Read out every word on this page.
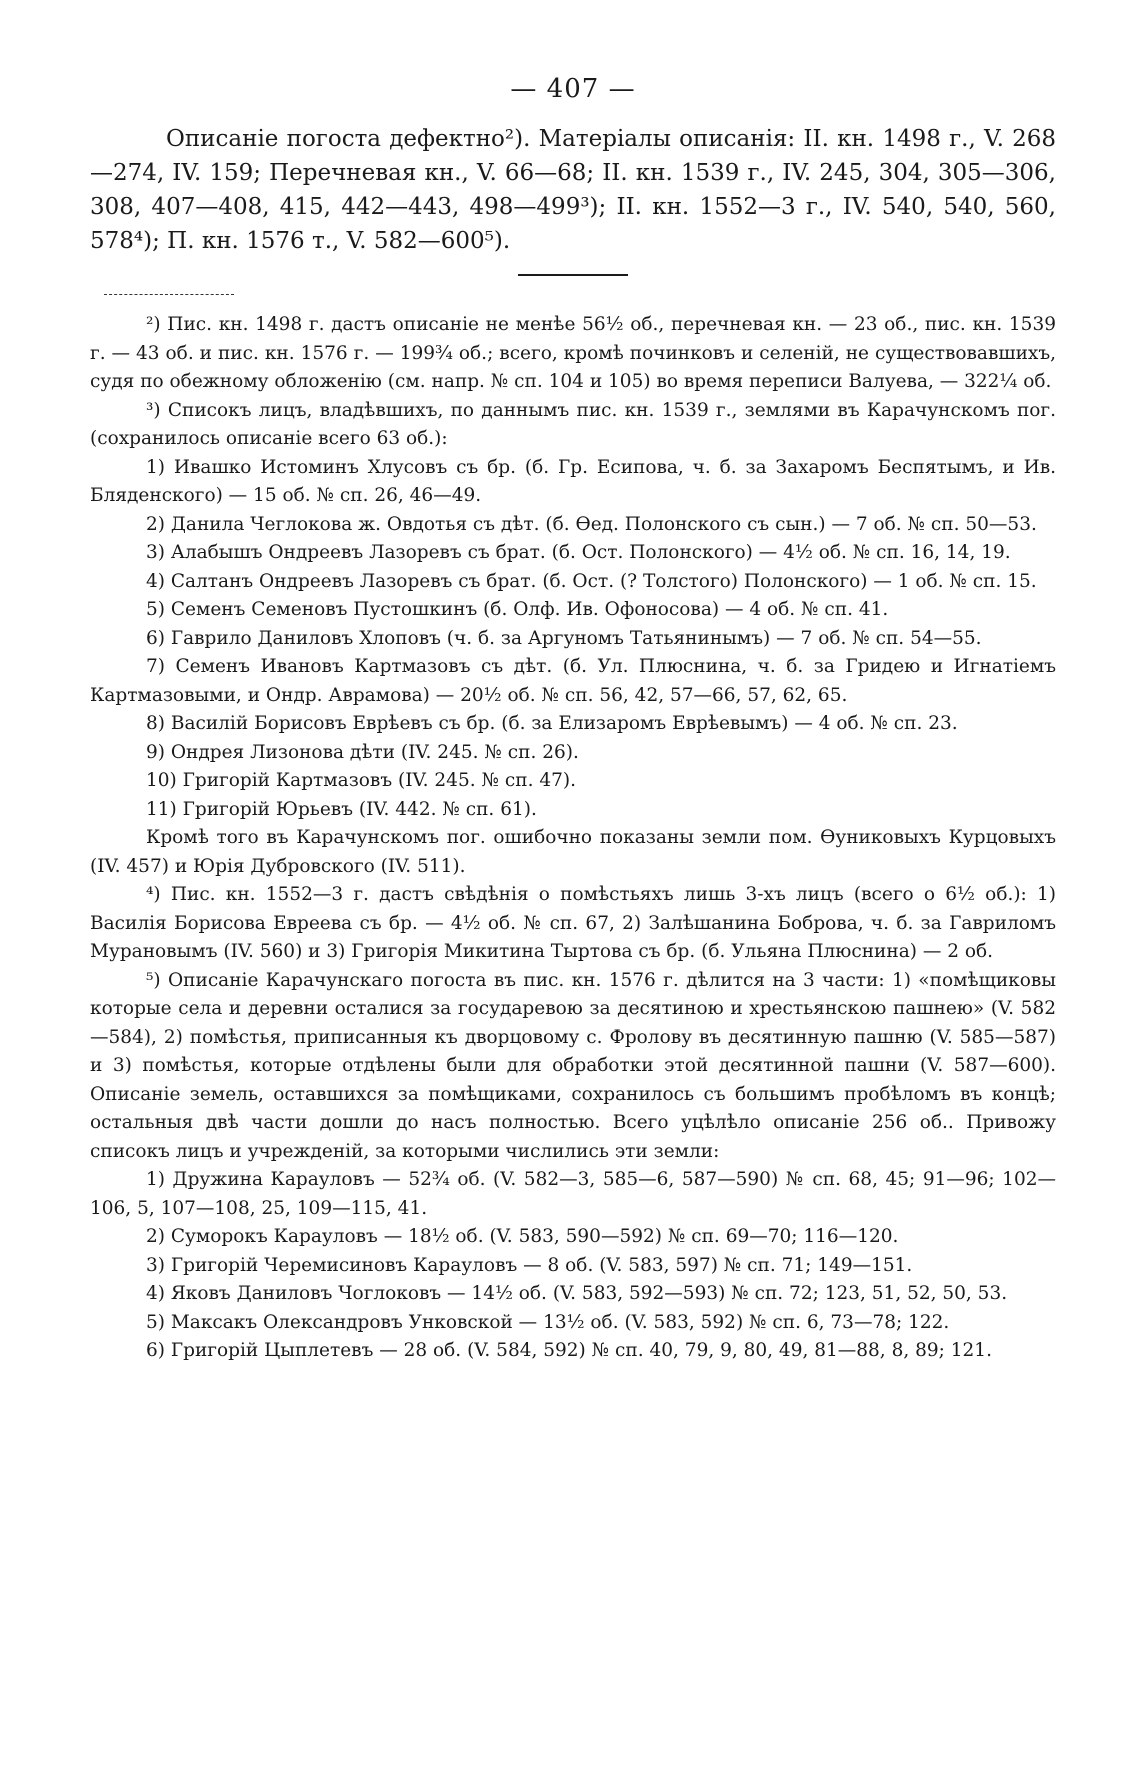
— 407 —

Описаніе погоста дефектно²). Матеріалы описанія: II. кн. 1498 г., V. 268—274, IV. 159; Перечневая кн., V. 66—68; II. кн. 1539 г., IV. 245, 304, 305—306, 308, 407—408, 415, 442—443, 498—499³); II. кн. 1552—3 г., IV. 540, 540, 560, 578⁴); П. кн. 1576 т., V. 582—600⁵).

²) Пис. кн. 1498 г. дастъ описаніе не менѣе 56½ об., перечневая кн. — 23 об., пис. кн. 1539 г. — 43 об. и пис. кн. 1576 г. — 199¾ об.; всего, кромѣ починковъ и селеній, не существовавшихъ, судя по обежному обложенію (см. напр. № сп. 104 и 105) во время переписи Валуева, — 322¼ об.

³) Списокъ лицъ, владѣвшихъ, по даннымъ пис. кн. 1539 г., землями въ Карачунскомъ пог. (сохранилось описаніе всего 63 об.):

1) Ивашко Истоминъ Хлусовъ съ бр. (б. Гр. Есипова, ч. б. за Захаромъ Беспятымъ, и Ив. Бляденского) — 15 об. № сп. 26, 46—49.

2) Данила Чеглокова ж. Овдотья съ дѣт. (б. Өед. Полонского съ сын.) — 7 об. № сп. 50—53.

3) Алабышъ Ондреевъ Лазоревъ съ брат. (б. Ост. Полонского) — 4½ об. № сп. 16, 14, 19.

4) Салтанъ Ондреевъ Лазоревъ съ брат. (б. Ост. (? Толстого) Полонского) — 1 об. № сп. 15.

5) Семенъ Семеновъ Пустошкинъ (б. Олф. Ив. Офоносова) — 4 об. № сп. 41.

6) Гаврило Даниловъ Хлоповъ (ч. б. за Аргуномъ Татьянинымъ) — 7 об. № сп. 54—55.

7) Семенъ Ивановъ Картмазовъ съ дѣт. (б. Ул. Плюснина, ч. б. за Гридею и Игнатіемъ Картмазовыми, и Ондр. Аврамова) — 20½ об. № сп. 56, 42, 57—66, 57, 62, 65.

8) Василій Борисовъ Еврѣевъ съ бр. (б. за Елизаромъ Еврѣевымъ) — 4 об. № сп. 23.

9) Ондрея Лизонова дѣти (IV. 245. № сп. 26).

10) Григорій Картмазовъ (IV. 245. № сп. 47).

11) Григорій Юрьевъ (IV. 442. № сп. 61).

Кромѣ того въ Карачунскомъ пог. ошибочно показаны земли пом. Өуниковыхъ Курцовыхъ (IV. 457) и Юрія Дубровского (IV. 511).

⁴) Пис. кн. 1552—3 г. дастъ свѣдѣнія о помѣстьяхъ лишь 3-хъ лицъ (всего о 6½ об.): 1) Василія Борисова Евреева съ бр. — 4½ об. № сп. 67, 2) Залѣшанина Боброва, ч. б. за Гавриломъ Мурановымъ (IV. 560) и 3) Григорія Микитина Тыртова съ бр. (б. Ульяна Плюснина) — 2 об.

⁵) Описаніе Карачунскаго погоста въ пис. кн. 1576 г. дѣлится на 3 части: 1) «помѣщиковы которые села и деревни осталися за государевою за десятиною и хрестьянскою пашнею» (V. 582—584), 2) помѣстья, приписанныя къ дворцовому с. Фролову въ десятинную пашню (V. 585—587) и 3) помѣстья, которые отдѣлены были для обработки этой десятинной пашни (V. 587—600). Описаніе земель, оставшихся за помѣщиками, сохранилось съ большимъ пробѣломъ въ концѣ; остальныя двѣ части дошли до насъ полностью. Всего уцѣлѣло описаніе 256 об.. Привожу списокъ лицъ и учрежденій, за которыми числились эти земли:

1) Дружина Карауловъ — 52¾ об. (V. 582—3, 585—6, 587—590) № сп. 68, 45; 91—96; 102—106, 5, 107—108, 25, 109—115, 41.

2) Суморокъ Карауловъ — 18½ об. (V. 583, 590—592) № сп. 69—70; 116—120.

3) Григорій Черемисиновъ Карауловъ — 8 об. (V. 583, 597) № сп. 71; 149—151.

4) Яковъ Даниловъ Чоглоковъ — 14½ об. (V. 583, 592—593) № сп. 72; 123, 51, 52, 50, 53.

5) Максакъ Олександровъ Унковской — 13½ об. (V. 583, 592) № сп. 6, 73—78; 122.

6) Григорій Цыплетевъ — 28 об. (V. 584, 592) № сп. 40, 79, 9, 80, 49, 81—88, 8, 89; 121.
